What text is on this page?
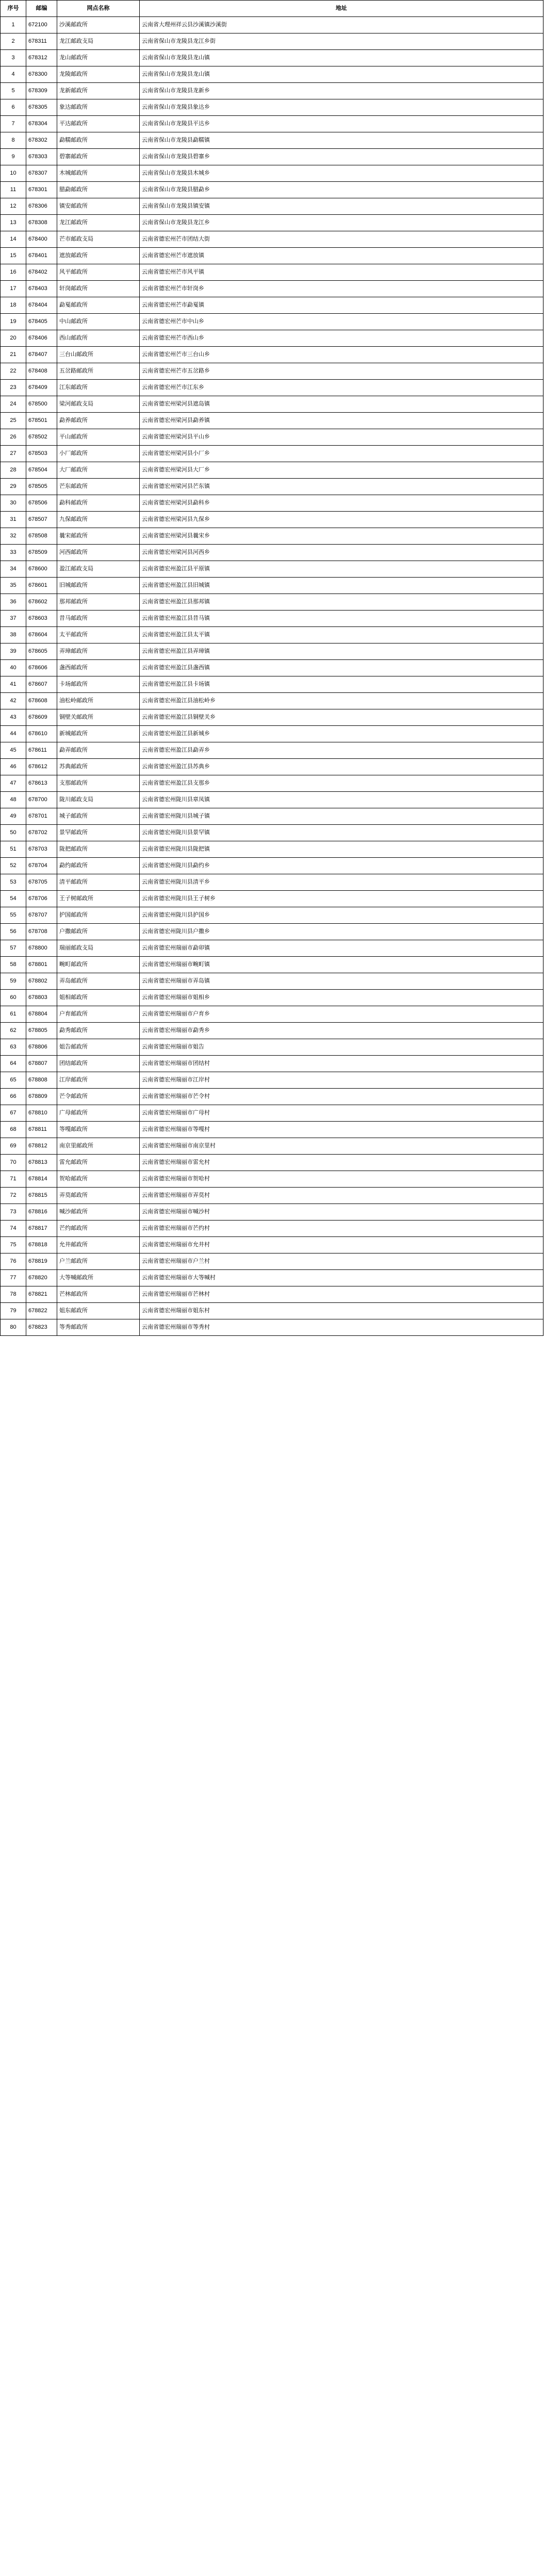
序号	邮编	网点名称	地址
1	672100	沙溪邮政所	云南省大理州祥云县沙溪镇沙溪街
2	678311	龙江邮政支局	云南省保山市龙陵县龙江乡街
3	678312	龙山邮政所	云南省保山市龙陵县龙山镇
4	678300	龙陵邮政所	云南省保山市龙陵县龙山镇
5	678309	龙新邮政所	云南省保山市龙陵县龙新乡
6	678305	象达邮政所	云南省保山市龙陵县象达乡
7	678304	平达邮政所	云南省保山市龙陵县平达乡
8	678302	勐糯邮政所	云南省保山市龙陵县勐糯镇
9	678303	碧寨邮政所	云南省保山市龙陵县碧寨乡
10	678307	木城邮政所	云南省保山市龙陵县木城乡
11	678301	腊勐邮政所	云南省保山市龙陵县腊勐乡
12	678306	镇安邮政所	云南省保山市龙陵县镇安镇
13	678308	龙江邮政所	云南省保山市龙陵县龙江乡
14	678400	芒市邮政支局	云南省德宏州芒市团结大街
15	678401	遮放邮政所	云南省德宏州芒市遮放镇
16	678402	风平邮政所	云南省德宏州芒市风平镇
17	678403	轩岗邮政所	云南省德宏州芒市轩岗乡
18	678404	勐戛邮政所	云南省德宏州芒市勐戛镇
19	678405	中山邮政所	云南省德宏州芒市中山乡
20	678406	西山邮政所	云南省德宏州芒市西山乡
21	678407	三台山邮政所	云南省德宏州芒市三台山乡
22	678408	五岔路邮政所	云南省德宏州芒市五岔路乡
23	678409	江东邮政所	云南省德宏州芒市江东乡
24	678500	梁河邮政支局	云南省德宏州梁河县遮岛镇
25	678501	勐养邮政所	云南省德宏州梁河县勐养镇
26	678502	平山邮政所	云南省德宏州梁河县平山乡
27	678503	小厂邮政所	云南省德宏州梁河县小厂乡
28	678504	大厂邮政所	云南省德宏州梁河县大厂乡
29	678505	芒东邮政所	云南省德宏州梁河县芒东镇
30	678506	勐科邮政所	云南省德宏州梁河县勐科乡
31	678507	九保邮政所	云南省德宏州梁河县九保乡
32	678508	曩宋邮政所	云南省德宏州梁河县曩宋乡
33	678509	河西邮政所	云南省德宏州梁河县河西乡
34	678600	盈江邮政支局	云南省德宏州盈江县平原镇
35	678601	旧城邮政所	云南省德宏州盈江县旧城镇
36	678602	那邦邮政所	云南省德宏州盈江县那邦镇
37	678603	昔马邮政所	云南省德宏州盈江县昔马镇
38	678604	太平邮政所	云南省德宏州盈江县太平镇
39	678605	弄璋邮政所	云南省德宏州盈江县弄璋镇
40	678606	盏西邮政所	云南省德宏州盈江县盏西镇
41	678607	卡场邮政所	云南省德宏州盈江县卡场镇
42	678608	油松岭邮政所	云南省德宏州盈江县油松岭乡
43	678609	铜壁关邮政所	云南省德宏州盈江县铜壁关乡
44	678610	新城邮政所	云南省德宏州盈江县新城乡
45	678611	勐弄邮政所	云南省德宏州盈江县勐弄乡
46	678612	苏典邮政所	云南省德宏州盈江县苏典乡
47	678613	支那邮政所	云南省德宏州盈江县支那乡
48	678700	陇川邮政支局	云南省德宏州陇川县章凤镇
49	678701	城子邮政所	云南省德宏州陇川县城子镇
50	678702	景罕邮政所	云南省德宏州陇川县景罕镇
51	678703	陇把邮政所	云南省德宏州陇川县陇把镇
52	678704	勐约邮政所	云南省德宏州陇川县勐约乡
53	678705	清平邮政所	云南省德宏州陇川县清平乡
54	678706	王子树邮政所	云南省德宏州陇川县王子树乡
55	678707	护国邮政所	云南省德宏州陇川县护国乡
56	678708	户撒邮政所	云南省德宏州陇川县户撒乡
57	678800	瑞丽邮政支局	云南省德宏州瑞丽市勐卯镇
58	678801	畹町邮政所	云南省德宏州瑞丽市畹町镇
59	678802	弄岛邮政所	云南省德宏州瑞丽市弄岛镇
60	678803	姐相邮政所	云南省德宏州瑞丽市姐相乡
61	678804	户育邮政所	云南省德宏州瑞丽市户育乡
62	678805	勐秀邮政所	云南省德宏州瑞丽市勐秀乡
63	678806	姐告邮政所	云南省德宏州瑞丽市姐告
64	678807	团结邮政所	云南省德宏州瑞丽市团结村
65	678808	江岸邮政所	云南省德宏州瑞丽市江岸村
66	678809	芒令邮政所	云南省德宏州瑞丽市芒令村
67	678810	广母邮政所	云南省德宏州瑞丽市广母村
68	678811	等嘎邮政所	云南省德宏州瑞丽市等嘎村
69	678812	南京里邮政所	云南省德宏州瑞丽市南京里村
70	678813	雷允邮政所	云南省德宏州瑞丽市雷允村
71	678814	贺哈邮政所	云南省德宏州瑞丽市贺哈村
72	678815	弄莫邮政所	云南省德宏州瑞丽市弄莫村
73	678816	喊沙邮政所	云南省德宏州瑞丽市喊沙村
74	678817	芒约邮政所	云南省德宏州瑞丽市芒约村
75	678818	允井邮政所	云南省德宏州瑞丽市允井村
76	678819	户兰邮政所	云南省德宏州瑞丽市户兰村
77	678820	大等喊邮政所	云南省德宏州瑞丽市大等喊村
78	678821	芒林邮政所	云南省德宏州瑞丽市芒林村
79	678822	姐东邮政所	云南省德宏州瑞丽市姐东村
80	678823	等秀邮政所	云南省德宏州瑞丽市等秀村
